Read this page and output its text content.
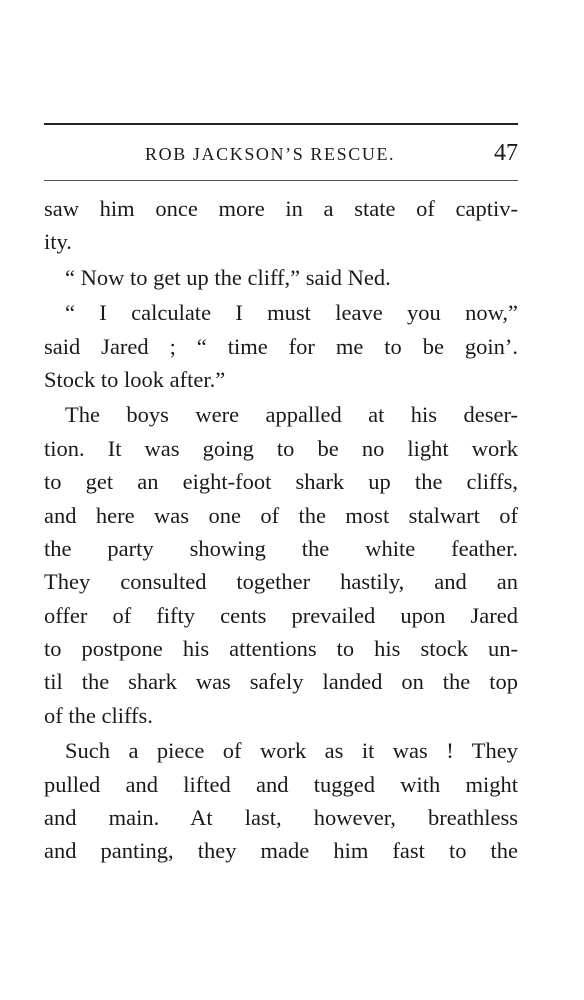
ROB JACKSON’S RESCUE.	47
saw him once more in a state of captiv-
ity.
“ Now to get up the cliff,” said Ned.
“ I calculate I must leave you now,”
said Jared ; “ time for me to be goin’.
Stock to look after.”
The boys were appalled at his deser-
tion. It was going to be no light work
to get an eight-foot shark up the cliffs,
and here was one of the most stalwart of
the party showing the white feather.
They consulted together hastily, and an
offer of fifty cents prevailed upon Jared
to postpone his attentions to his stock un-
til the shark was safely landed on the top
of the cliffs.
Such a piece of work as it was ! They
pulled and lifted and tugged with might
and main. At last, however, breathless
and panting, they made him fast to the
